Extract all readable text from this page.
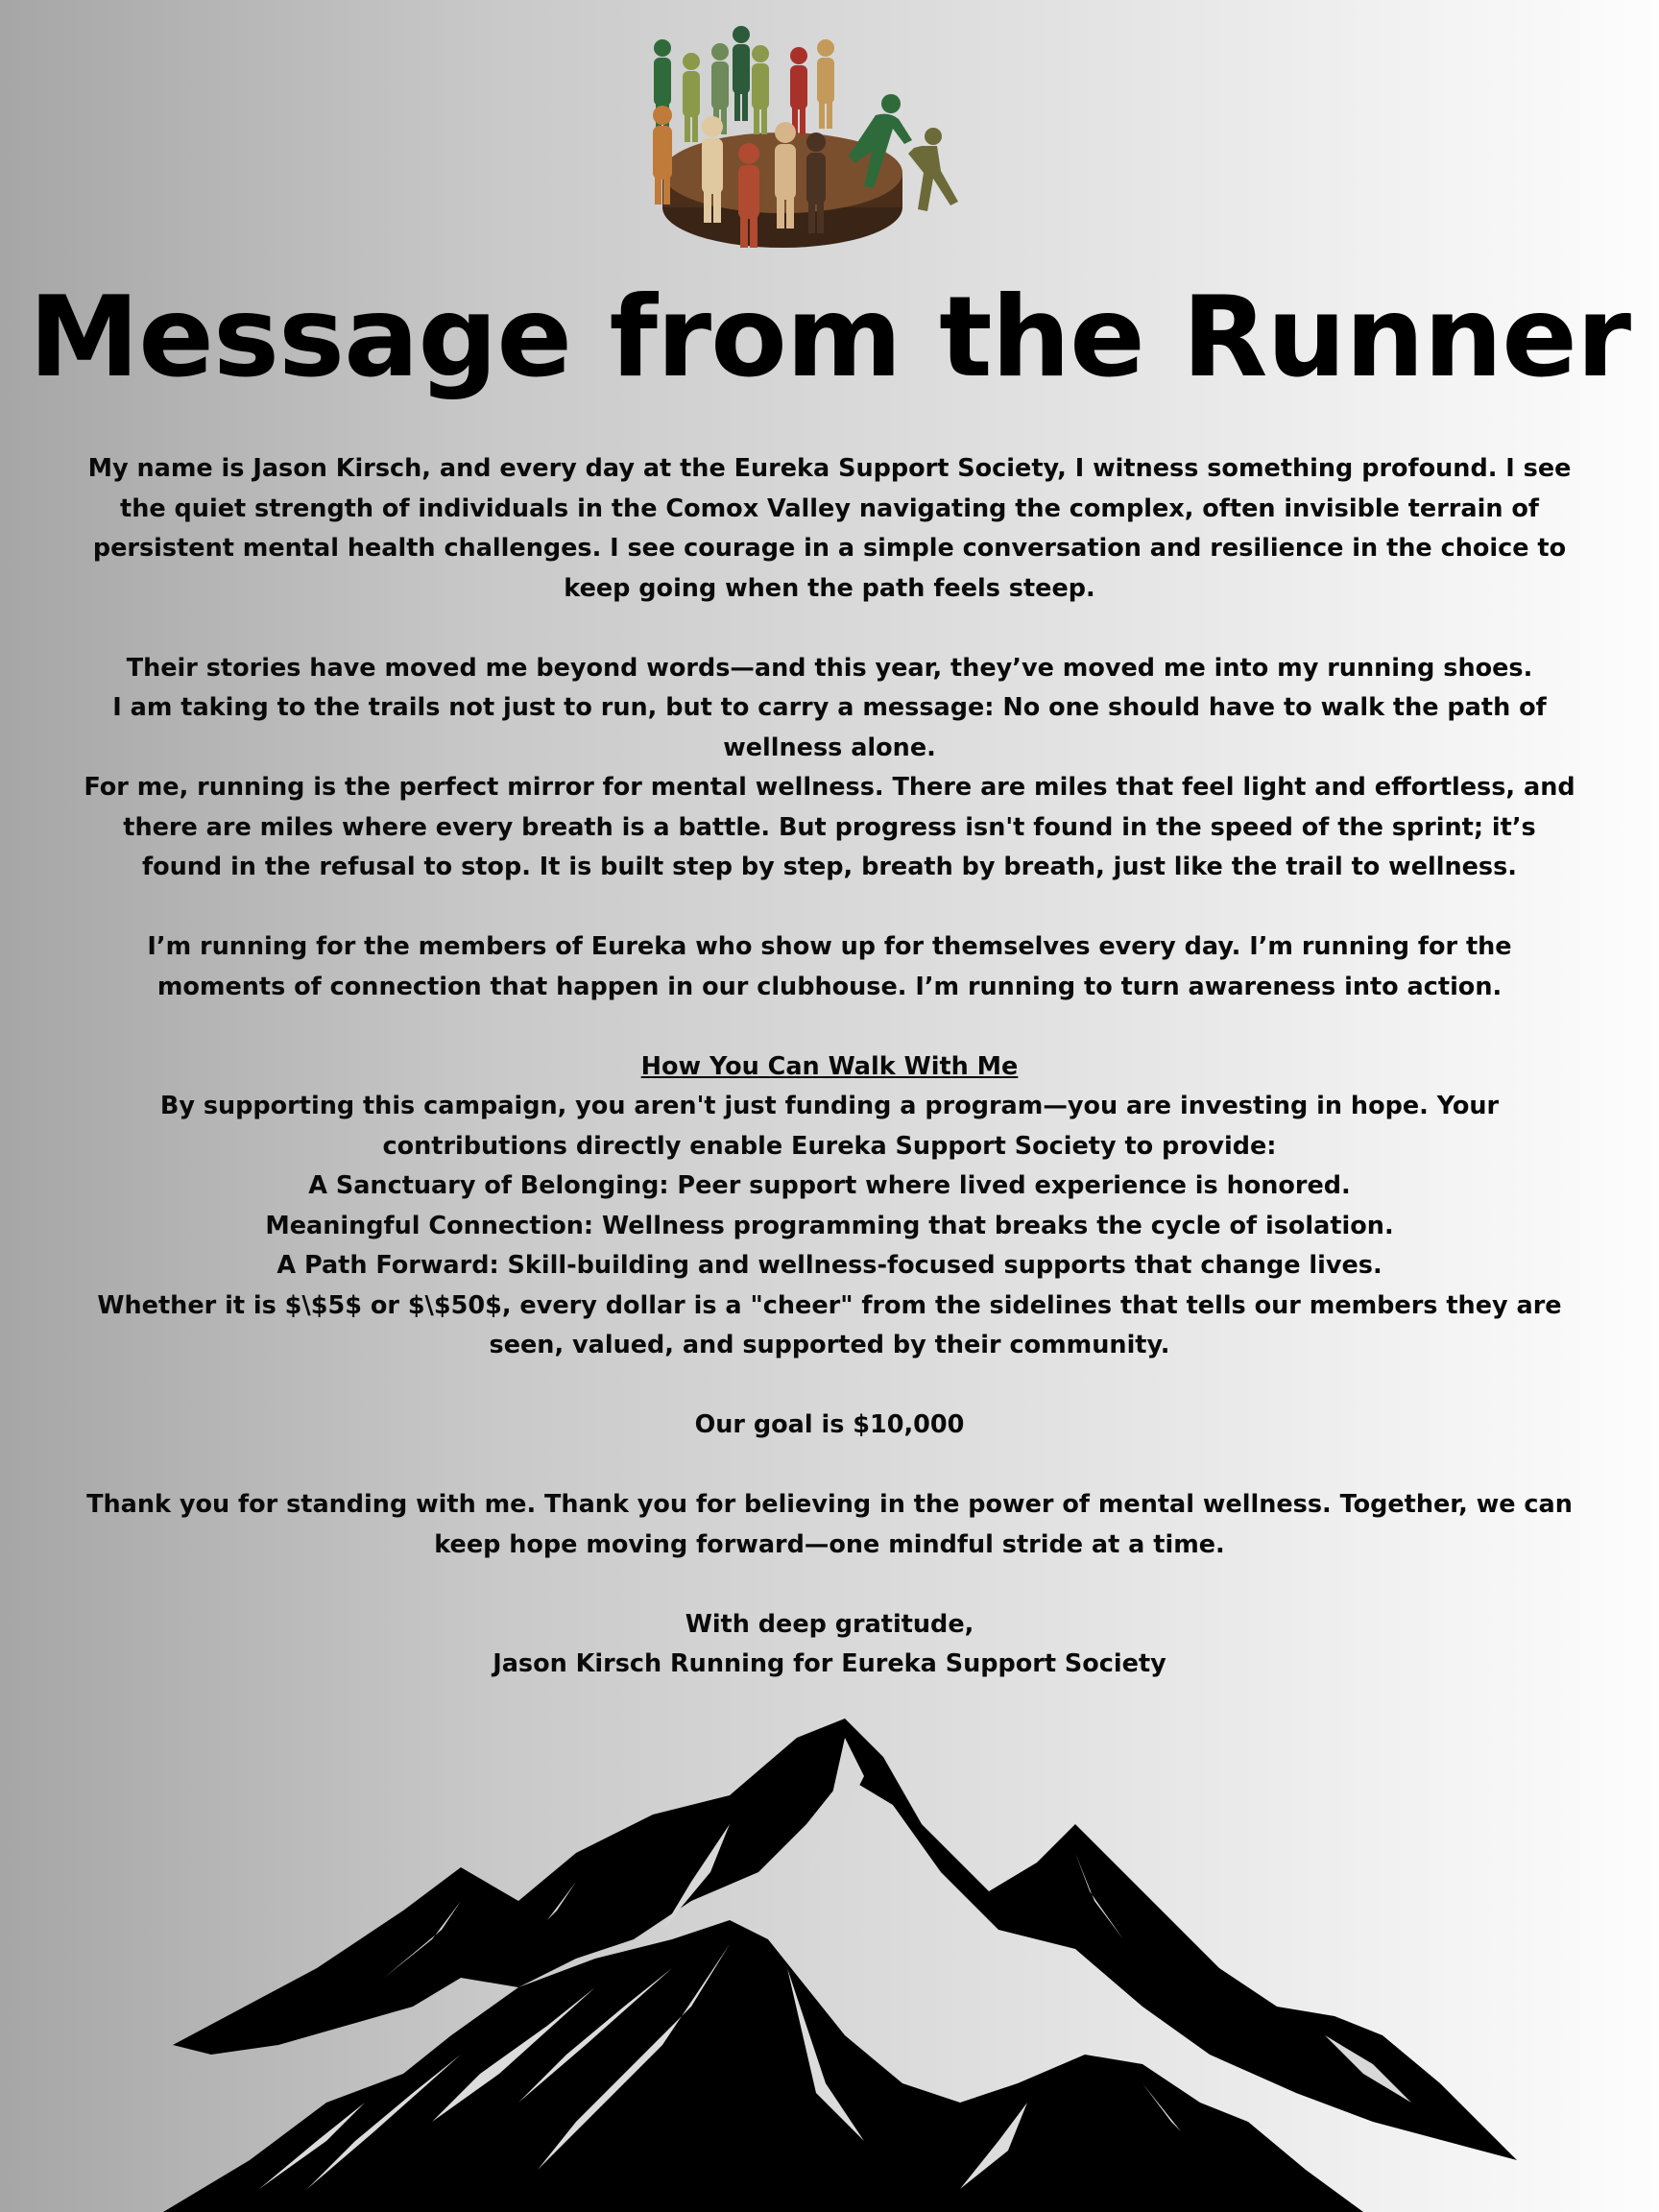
Message from the Runner

My name is Jason Kirsch, and every day at the Eureka Support Society, I witness something profound. I see the quiet strength of individuals in the Comox Valley navigating the complex, often invisible terrain of persistent mental health challenges. I see courage in a simple conversation and resilience in the choice to keep going when the path feels steep.

Their stories have moved me beyond words—and this year, they’ve moved me into my running shoes.
I am taking to the trails not just to run, but to carry a message: No one should have to walk the path of wellness alone.
For me, running is the perfect mirror for mental wellness. There are miles that feel light and effortless, and there are miles where every breath is a battle. But progress isn't found in the speed of the sprint; it’s found in the refusal to stop. It is built step by step, breath by breath, just like the trail to wellness.

I’m running for the members of Eureka who show up for themselves every day. I’m running for the moments of connection that happen in our clubhouse. I’m running to turn awareness into action.

How You Can Walk With Me
By supporting this campaign, you aren't just funding a program—you are investing in hope. Your contributions directly enable Eureka Support Society to provide:
A Sanctuary of Belonging: Peer support where lived experience is honored.
Meaningful Connection: Wellness programming that breaks the cycle of isolation.
A Path Forward: Skill-building and wellness-focused supports that change lives.
Whether it is $\$5$ or $\$50$, every dollar is a "cheer" from the sidelines that tells our members they are seen, valued, and supported by their community.

Our goal is $10,000

Thank you for standing with me. Thank you for believing in the power of mental wellness. Together, we can keep hope moving forward—one mindful stride at a time.

With deep gratitude,
Jason Kirsch Running for Eureka Support Society
